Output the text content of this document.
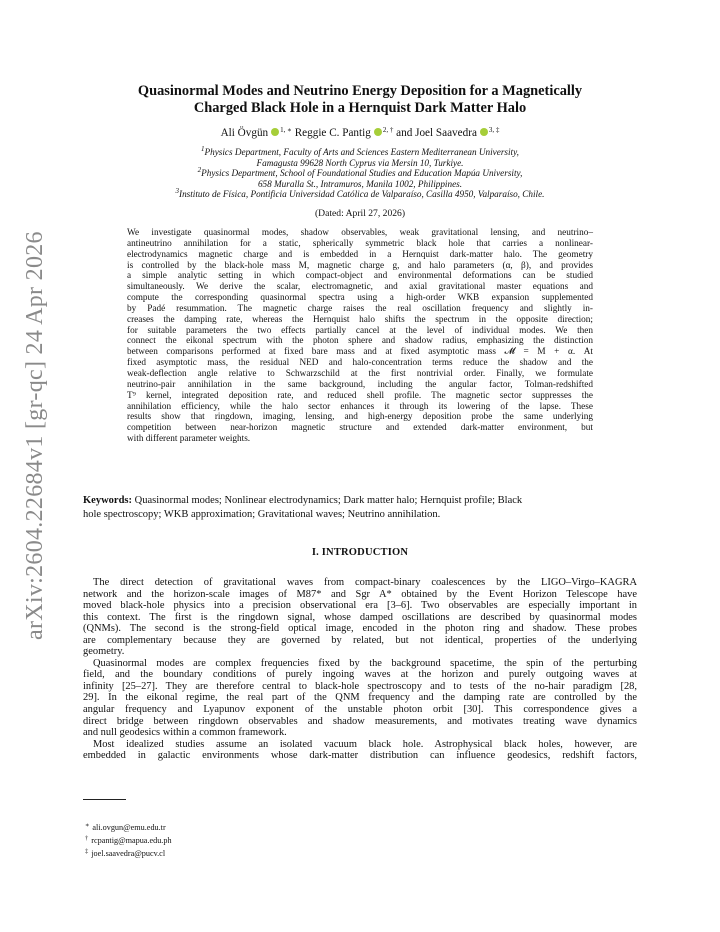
arXiv:2604.22684v1 [gr-qc] 24 Apr 2026
Quasinormal Modes and Neutrino Energy Deposition for a Magnetically
Charged Black Hole in a Hernquist Dark Matter Halo
Ali Övgün $^{1, ∗}$ Reggie C. Pantig $^{2, \dagger}$ and Joel Saavedra $^{3, \ddagger}$
$^1$Physics Department, Faculty of Arts and Sciences Eastern Mediterranean University,
Famagusta 99628 North Cyprus via Mersin 10, Turkiye.
$^2$Physics Department, School of Foundational Studies and Education Mapúa University,
658 Muralla St., Intramuros, Manila 1002, Philippines.
$^3$Instituto de Física, Pontificia Universidad Católica de Valparaíso, Casilla 4950, Valparaíso, Chile.
(Dated: April 27, 2026)
We investigate quasinormal modes, shadow observables, weak gravitational lensing, and neutrino–
antineutrino annihilation for a static, spherically symmetric black hole that carries a nonlinear-
electrodynamics magnetic charge and is embedded in a Hernquist dark-matter halo. The geometry
is controlled by the black-hole mass M, magnetic charge g, and halo parameters (α, β), and provides
a simple analytic setting in which compact-object and environmental deformations can be studied
simultaneously. We derive the scalar, electromagnetic, and axial gravitational master equations and
compute the corresponding quasinormal spectra using a high-order WKB expansion supplemented
by Padé resummation. The magnetic charge raises the real oscillation frequency and slightly in-
creases the damping rate, whereas the Hernquist halo shifts the spectrum in the opposite direction;
for suitable parameters the two effects partially cancel at the level of individual modes. We then
connect the eikonal spectrum with the photon sphere and shadow radius, emphasizing the distinction
between comparisons performed at fixed bare mass and at fixed asymptotic mass 𝓜 = M + α. At
fixed asymptotic mass, the residual NED and halo-concentration terms reduce the shadow and the
weak-deflection angle relative to Schwarzschild at the first nontrivial order. Finally, we formulate
neutrino-pair annihilation in the same background, including the angular factor, Tolman-redshifted
T⁹ kernel, integrated deposition rate, and reduced shell profile. The magnetic sector suppresses the
annihilation efficiency, while the halo sector enhances it through its lowering of the lapse. These
results show that ringdown, imaging, lensing, and high-energy deposition probe the same underlying
competition between near-horizon magnetic structure and extended dark-matter environment, but
with different parameter weights.
Keywords: Quasinormal modes; Nonlinear electrodynamics; Dark matter halo; Hernquist profile; Black
hole spectroscopy; WKB approximation; Gravitational waves; Neutrino annihilation.
I. INTRODUCTION
The direct detection of gravitational waves from compact-binary coalescences by the LIGO–Virgo–KAGRA
network and the horizon-scale images of M87* and Sgr A* obtained by the Event Horizon Telescope have
moved black-hole physics into a precision observational era [3–6]. Two observables are especially important in
this context. The first is the ringdown signal, whose damped oscillations are described by quasinormal modes
(QNMs). The second is the strong-field optical image, encoded in the photon ring and shadow. These probes
are complementary because they are governed by related, but not identical, properties of the underlying
geometry.
Quasinormal modes are complex frequencies fixed by the background spacetime, the spin of the perturbing
field, and the boundary conditions of purely ingoing waves at the horizon and purely outgoing waves at
infinity [25–27]. They are therefore central to black-hole spectroscopy and to tests of the no-hair paradigm [28,
29]. In the eikonal regime, the real part of the QNM frequency and the damping rate are controlled by the
angular frequency and Lyapunov exponent of the unstable photon orbit [30]. This correspondence gives a
direct bridge between ringdown observables and shadow measurements, and motivates treating wave dynamics
and null geodesics within a common framework.
Most idealized studies assume an isolated vacuum black hole. Astrophysical black holes, however, are
embedded in galactic environments whose dark-matter distribution can influence geodesics, redshift factors,
∗ ali.ovgun@emu.edu.tr
† rcpantig@mapua.edu.ph
‡ joel.saavedra@pucv.cl
